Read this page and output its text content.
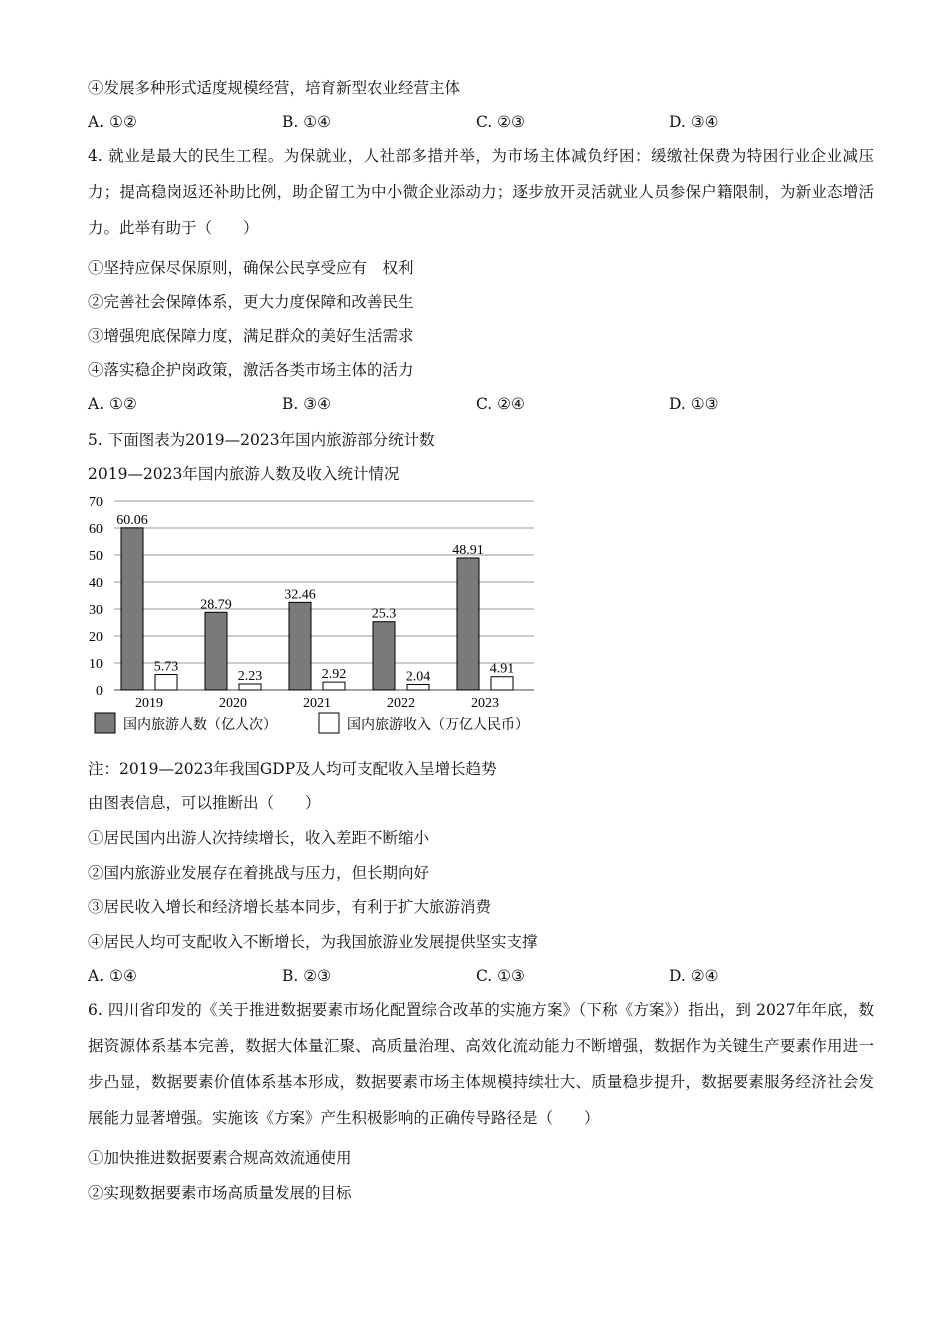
④发展多种形式适度规模经营，培育新型农业经营主体
A. ①②	B. ①④	C. ②③	D. ③④
4. 就业是最大的民生工程。为保就业，人社部多措并举，为市场主体减负纾困：缓缴社保费为特困行业企业减压力；提高稳岗返还补助比例，助企留工为中小微企业添动力；逐步放开灵活就业人员参保户籍限制，为新业态增活力。此举有助于（　　）
①坚持应保尽保原则，确保公民享受应有　权利
②完善社会保障体系，更大力度保障和改善民生
③增强兜底保障力度，满足群众的美好生活需求
④落实稳企护岗政策，激活各类市场主体的活力
A. ①②	B. ③④	C. ②④	D. ①③
5. 下面图表为2019—2023年国内旅游部分统计数
2019—2023年国内旅游人数及收入统计情况
0
10
20
30
40
50
60
70
60.06
5.73
28.79
2.23
32.46
2.92
25.3
2.04
48.91
4.91
2019	2020	2021	2022	2023
国内旅游人数（亿人次）	国内旅游收入（万亿人民币）
注：2019—2023年我国GDP及人均可支配收入呈增长趋势
由图表信息，可以推断出（　　）
①居民国内出游人次持续增长，收入差距不断缩小
②国内旅游业发展存在着挑战与压力，但长期向好
③居民收入增长和经济增长基本同步，有利于扩大旅游消费
④居民人均可支配收入不断增长，为我国旅游业发展提供坚实支撑
A. ①④	B. ②③	C. ①③	D. ②④
6. 四川省印发的《关于推进数据要素市场化配置综合改革的实施方案》（下称《方案》）指出，到 2027年年底，数据资源体系基本完善，数据大体量汇聚、高质量治理、高效化流动能力不断增强，数据作为关键生产要素作用进一步凸显，数据要素价值体系基本形成，数据要素市场主体规模持续壮大、质量稳步提升，数据要素服务经济社会发展能力显著增强。实施该《方案》产生积极影响的正确传导路径是（　　）
①加快推进数据要素合规高效流通使用
②实现数据要素市场高质量发展的目标
